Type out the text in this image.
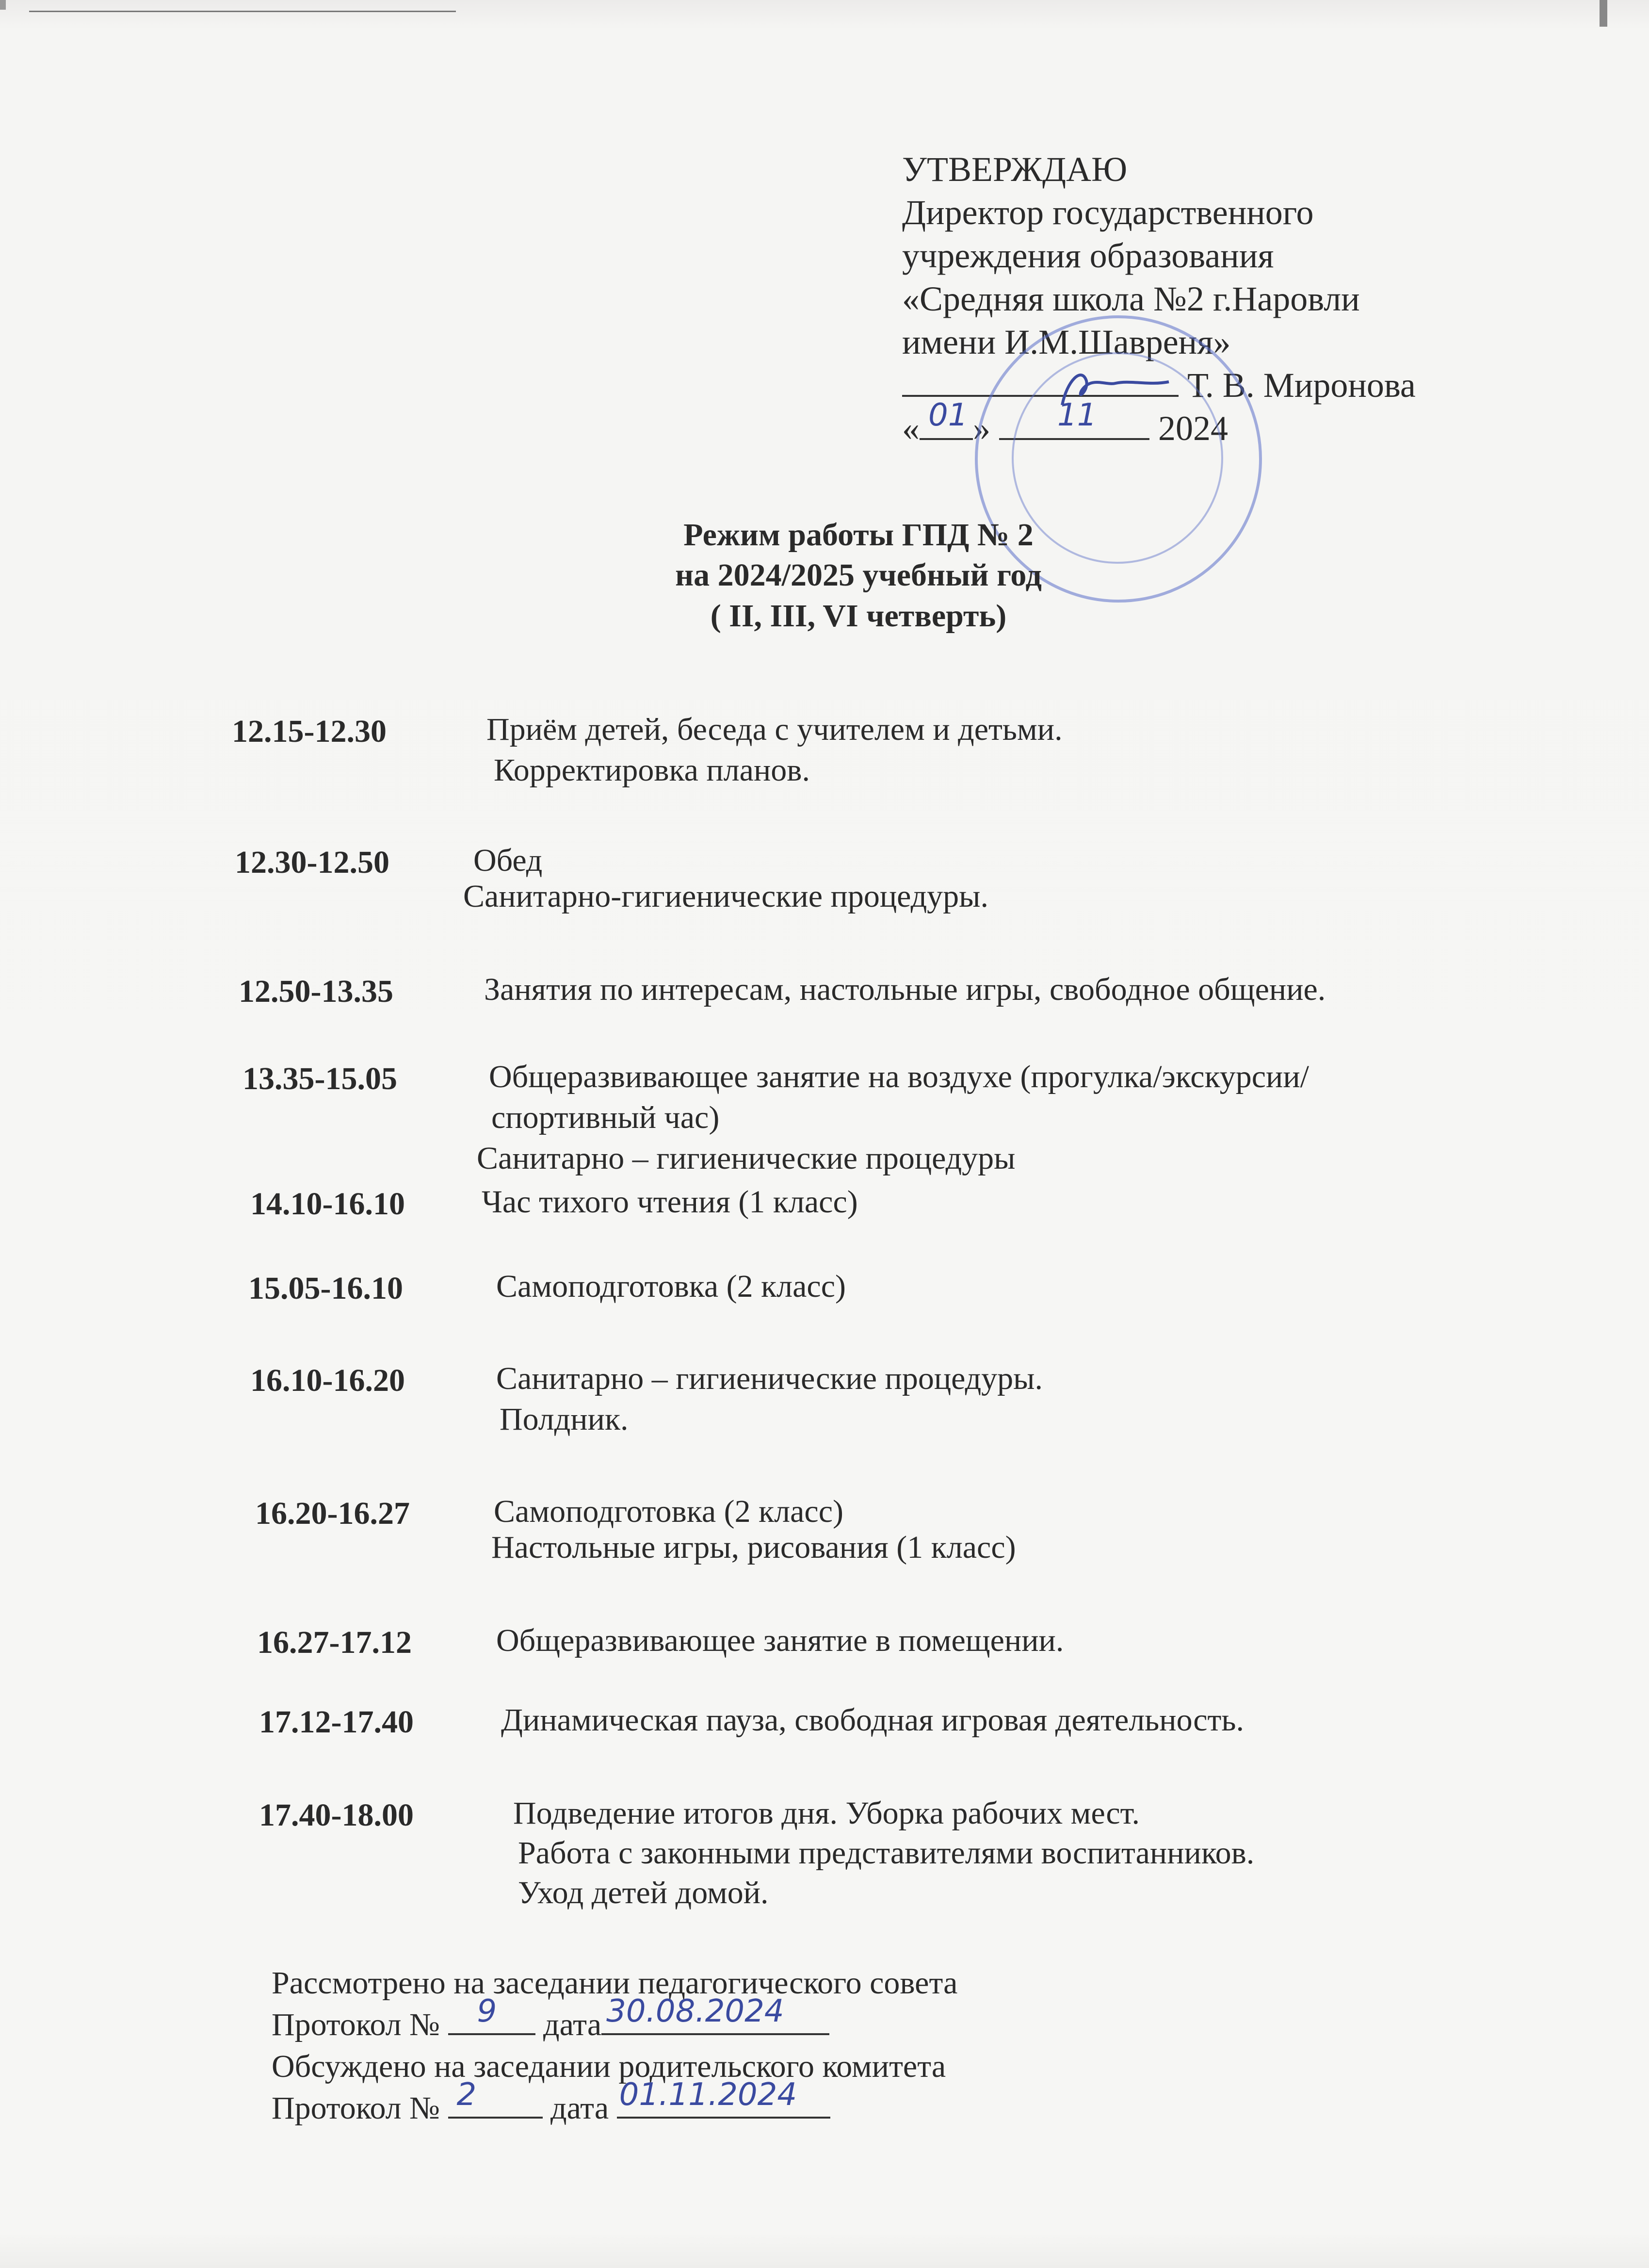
УТВЕРЖДАЮ
Директор государственного
учреждения образования
«Средняя школа №2 г.Наровли
имени И.М.Шавреня»
Т. В. Миронова
« 01 » 11 2024
Режим работы ГПД № 2
на 2024/2025 учебный год
( II, III, VI четверть)
12.15-12.30	Приём детей, беседа с учителем и детьми.
Корректировка планов.
12.30-12.50	Обед
Санитарно-гигиенические процедуры.
12.50-13.35	Занятия по интересам, настольные игры, свободное общение.
13.35-15.05	Общеразвивающее занятие на воздухе (прогулка/экскурсии/
спортивный час)
Санитарно – гигиенические процедуры
14.10-16.10 Час тихого чтения (1 класс)
15.05-16.10	Самоподготовка (2 класс)
16.10-16.20	Санитарно – гигиенические процедуры.
Полдник.
16.20-16.27	Самоподготовка (2 класс)
Настольные игры, рисования (1 класс)
16.27-17.12	Общеразвивающее занятие в помещении.
17.12-17.40	Динамическая пауза, свободная игровая деятельность.
17.40-18.00	Подведение итогов дня. Уборка рабочих мест.
Работа с законными представителями воспитанников.
Уход детей домой.
Рассмотрено на заседании педагогического совета
Протокол № 9 дата 30.08.2024
Обсуждено на заседании родительского комитета
Протокол № 2 дата 01.11.2024
